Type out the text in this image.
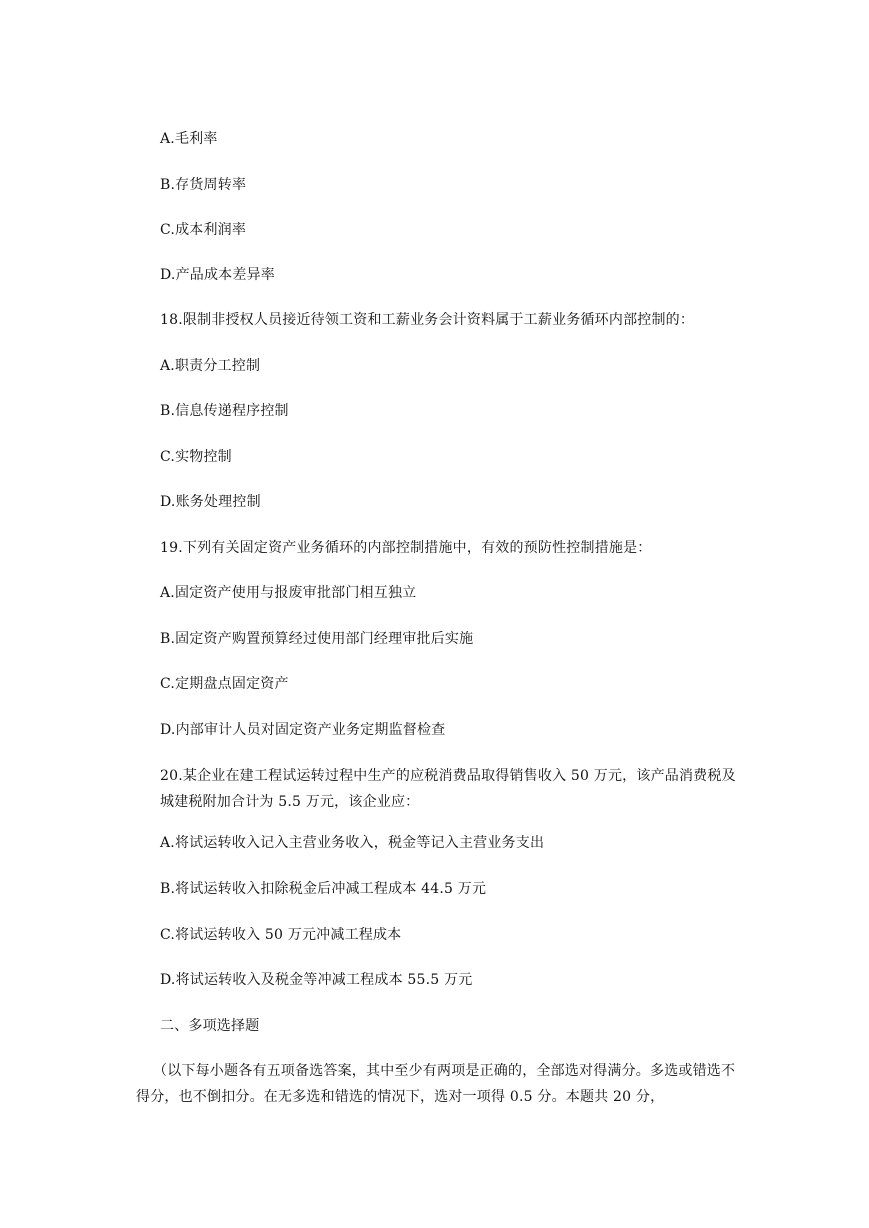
A.毛利率

B.存货周转率

C.成本利润率

D.产品成本差异率

18.限制非授权人员接近待领工资和工薪业务会计资料属于工薪业务循环内部控制的：

A.职责分工控制

B.信息传递程序控制

C.实物控制

D.账务处理控制

19.下列有关固定资产业务循环的内部控制措施中，有效的预防性控制措施是：

A.固定资产使用与报废审批部门相互独立

B.固定资产购置预算经过使用部门经理审批后实施

C.定期盘点固定资产

D.内部审计人员对固定资产业务定期监督检查

20.某企业在建工程试运转过程中生产的应税消费品取得销售收入 50 万元，该产品消费税及城建税附加合计为 5.5 万元，该企业应：

A.将试运转收入记入主营业务收入，税金等记入主营业务支出

B.将试运转收入扣除税金后冲减工程成本 44.5 万元

C.将试运转收入 50 万元冲减工程成本

D.将试运转收入及税金等冲减工程成本 55.5 万元

二、多项选择题

（以下每小题各有五项备选答案，其中至少有两项是正确的，全部选对得满分。多选或错选不得分，也不倒扣分。在无多选和错选的情况下，选对一项得 0.5 分。本题共 20 分，
